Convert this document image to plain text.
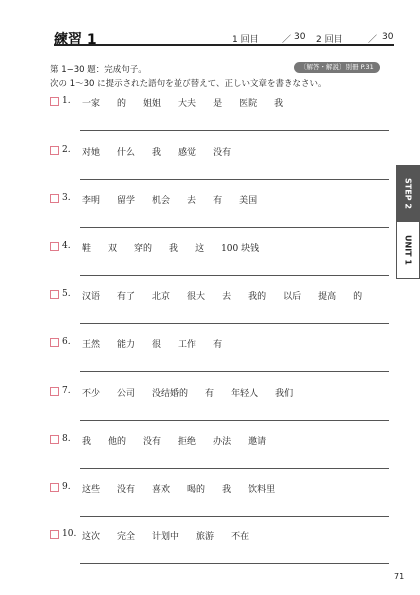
練習 1	1 回目	／ 30 2 回目	／ 30
第 1−30 题：完成句子。	〔解答・解説〕別冊 P.31
次の 1〜30 に提示された語句を並び替えて、正しい文章を書きなさい。
1. 一家 的 姐姐 大夫 是 医院 我
2. 对她 什么 我 感觉 没有
3. 李明 留学 机会 去 有 美国
4. 鞋 双 穿的 我 这 100 块钱
5. 汉语 有了 北京 很大 去 我的 以后 提高 的
6. 王然 能力 很 工作 有
7. 不少 公司 没结婚的 有 年轻人 我们
8. 我 他的 没有 拒绝 办法 邀请
9. 这些 没有 喜欢 喝的 我 饮料里
10. 这次 完全 计划中 旅游 不在
STEP 2
UNIT 1
71
